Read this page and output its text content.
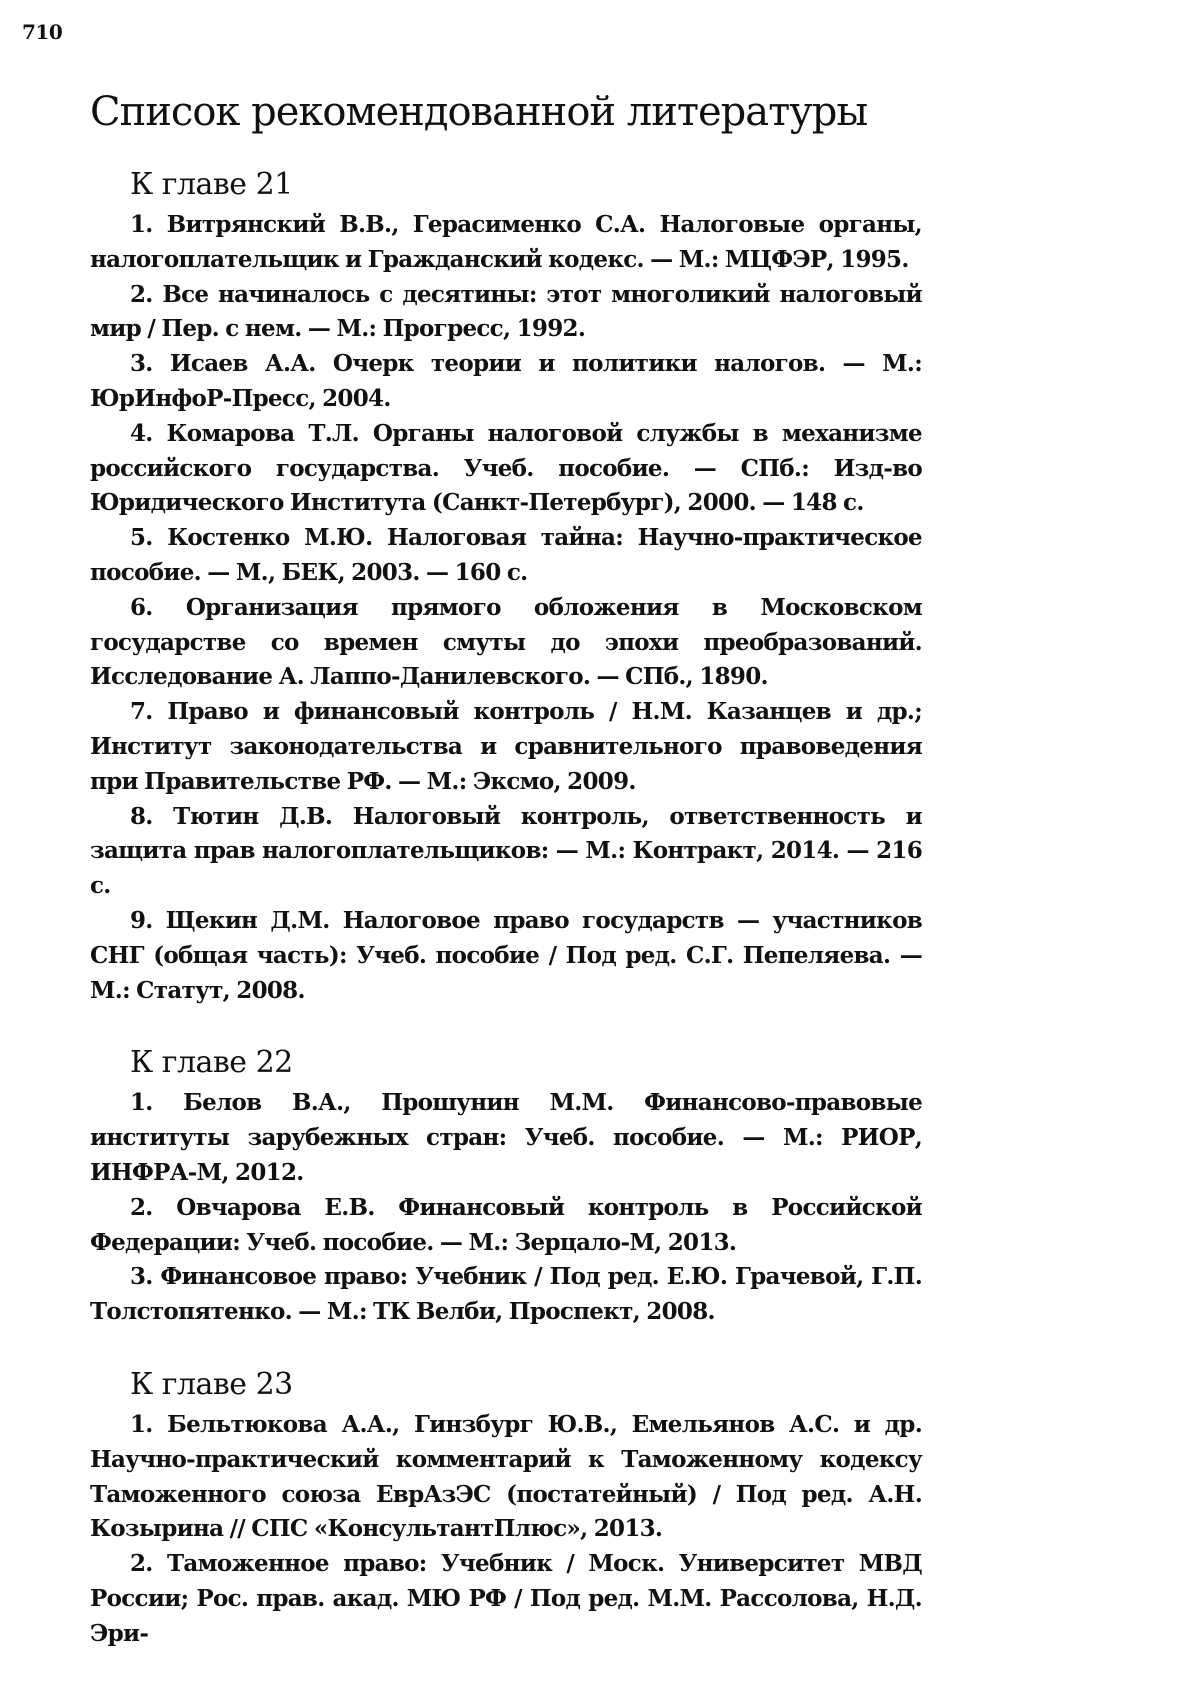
710
Список рекомендованной литературы
К главе 21
1. Витрянский В.В., Герасименко С.А. Налоговые органы, налогоплательщик и Гражданский кодекс. — М.: МЦФЭР, 1995.
2. Все начиналось с десятины: этот многоликий налоговый мир / Пер. с нем. — М.: Прогресс, 1992.
3. Исаев А.А. Очерк теории и политики налогов. — М.: ЮрИнфоР-Пресс, 2004.
4. Комарова Т.Л. Органы налоговой службы в механизме российского государства. Учеб. пособие. — СПб.: Изд-во Юридического Института (Санкт-Петербург), 2000. — 148 с.
5. Костенко М.Ю. Налоговая тайна: Научно-практическое пособие. — М., БЕК, 2003. — 160 с.
6. Организация прямого обложения в Московском государстве со времен смуты до эпохи преобразований. Исследование А. Лаппо-Данилевского. — СПб., 1890.
7. Право и финансовый контроль / Н.М. Казанцев и др.; Институт законодательства и сравнительного правоведения при Правительстве РФ. — М.: Эксмо, 2009.
8. Тютин Д.В. Налоговый контроль, ответственность и защита прав налогоплательщиков: — М.: Контракт, 2014. — 216 с.
9. Щекин Д.М. Налоговое право государств — участников СНГ (общая часть): Учеб. пособие / Под ред. С.Г. Пепеляева. — М.: Статут, 2008.
К главе 22
1. Белов В.А., Прошунин М.М. Финансово-правовые институты зарубежных стран: Учеб. пособие. — М.: РИОР, ИНФРА-М, 2012.
2. Овчарова Е.В. Финансовый контроль в Российской Федерации: Учеб. пособие. — М.: Зерцало-М, 2013.
3. Финансовое право: Учебник / Под ред. Е.Ю. Грачевой, Г.П. Толстопятенко. — М.: ТК Велби, Проспект, 2008.
К главе 23
1. Бельтюкова А.А., Гинзбург Ю.В., Емельянов А.С. и др. Научно-практический комментарий к Таможенному кодексу Таможенного союза ЕврАзЭС (постатейный) / Под ред. А.Н. Козырина // СПС «КонсультантПлюс», 2013.
2. Таможенное право: Учебник / Моск. Университет МВД России; Рос. прав. акад. МЮ РФ / Под ред. М.М. Рассолова, Н.Д. Эри-
